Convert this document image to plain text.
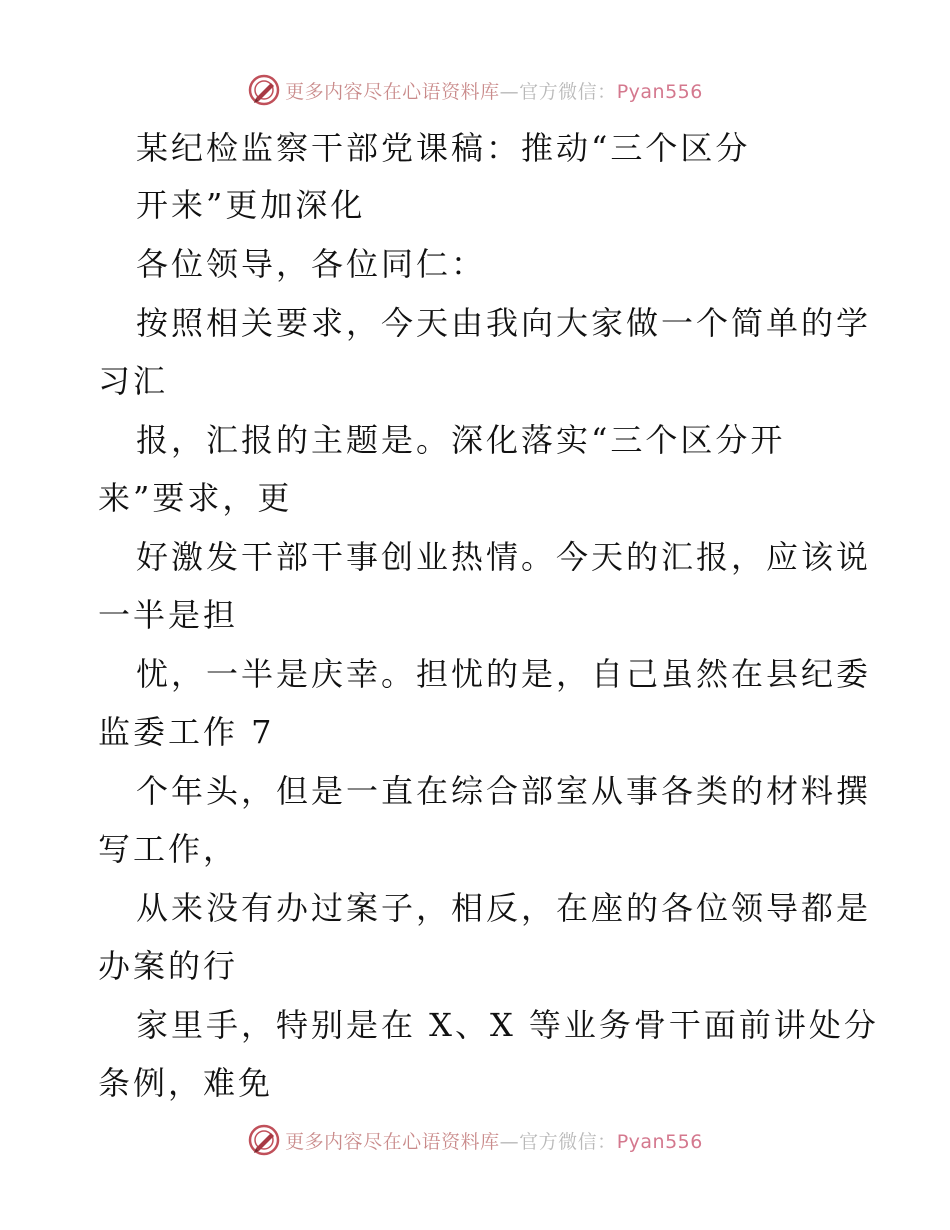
更多内容尽在心语资料库—官方微信：Pyan556
某纪检监察干部党课稿：推动“三个区分
开来”更加深化
各位领导，各位同仁：
按照相关要求，今天由我向大家做一个简单的学
习汇
报，汇报的主题是。深化落实“三个区分开
来”要求，更
好激发干部干事创业热情。今天的汇报，应该说
一半是担
忧，一半是庆幸。担忧的是，自己虽然在县纪委
监委工作 7
个年头，但是一直在综合部室从事各类的材料撰
写工作，
从来没有办过案子，相反，在座的各位领导都是
办案的行
家里手，特别是在 X、X 等业务骨干面前讲处分
条例，难免
更多内容尽在心语资料库—官方微信：Pyan556
